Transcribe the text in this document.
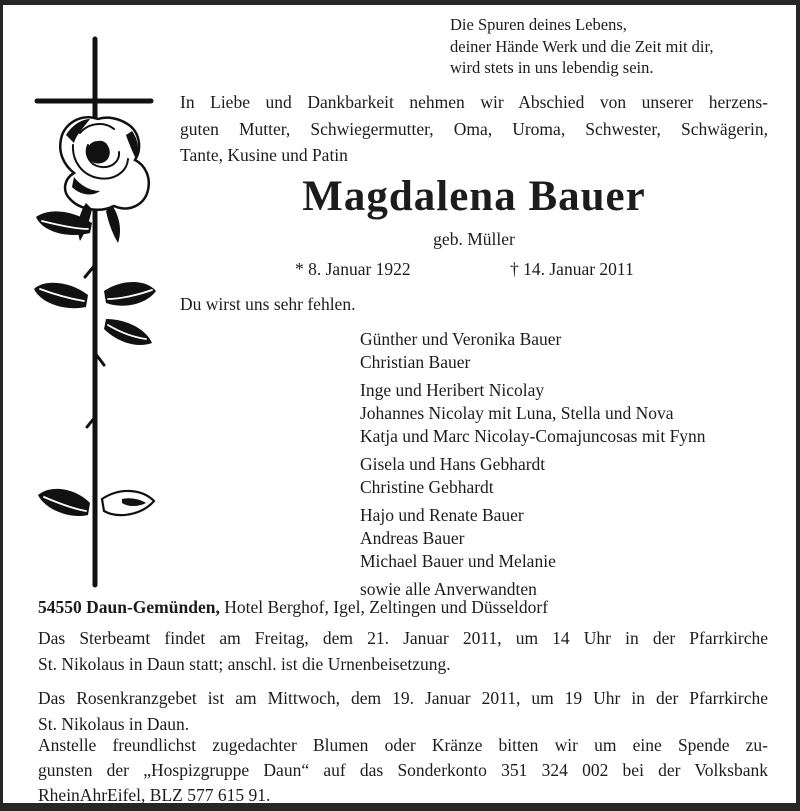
Die Spuren deines Lebens,
deiner Hände Werk und die Zeit mit dir,
wird stets in uns lebendig sein.
In Liebe und Dankbarkeit nehmen wir Abschied von unserer herzens-
guten Mutter, Schwiegermutter, Oma, Uroma, Schwester, Schwägerin,
Tante, Kusine und Patin
Magdalena Bauer
geb. Müller
* 8. Januar 1922	† 14. Januar 2011
Du wirst uns sehr fehlen.
Günther und Veronika Bauer
Christian Bauer
Inge und Heribert Nicolay
Johannes Nicolay mit Luna, Stella und Nova
Katja und Marc Nicolay-Comajuncosas mit Fynn
Gisela und Hans Gebhardt
Christine Gebhardt
Hajo und Renate Bauer
Andreas Bauer
Michael Bauer und Melanie
sowie alle Anverwandten
54550 Daun-Gemünden, Hotel Berghof, Igel, Zeltingen und Düsseldorf
Das Sterbeamt findet am Freitag, dem 21. Januar 2011, um 14 Uhr in der Pfarrkirche
St. Nikolaus in Daun statt; anschl. ist die Urnenbeisetzung.
Das Rosenkranzgebet ist am Mittwoch, dem 19. Januar 2011, um 19 Uhr in der Pfarrkirche
St. Nikolaus in Daun.
Anstelle freundlichst zugedachter Blumen oder Kränze bitten wir um eine Spende zu-
gunsten der „Hospizgruppe Daun“ auf das Sonderkonto 351 324 002 bei der Volksbank
RheinAhrEifel, BLZ 577 615 91.
